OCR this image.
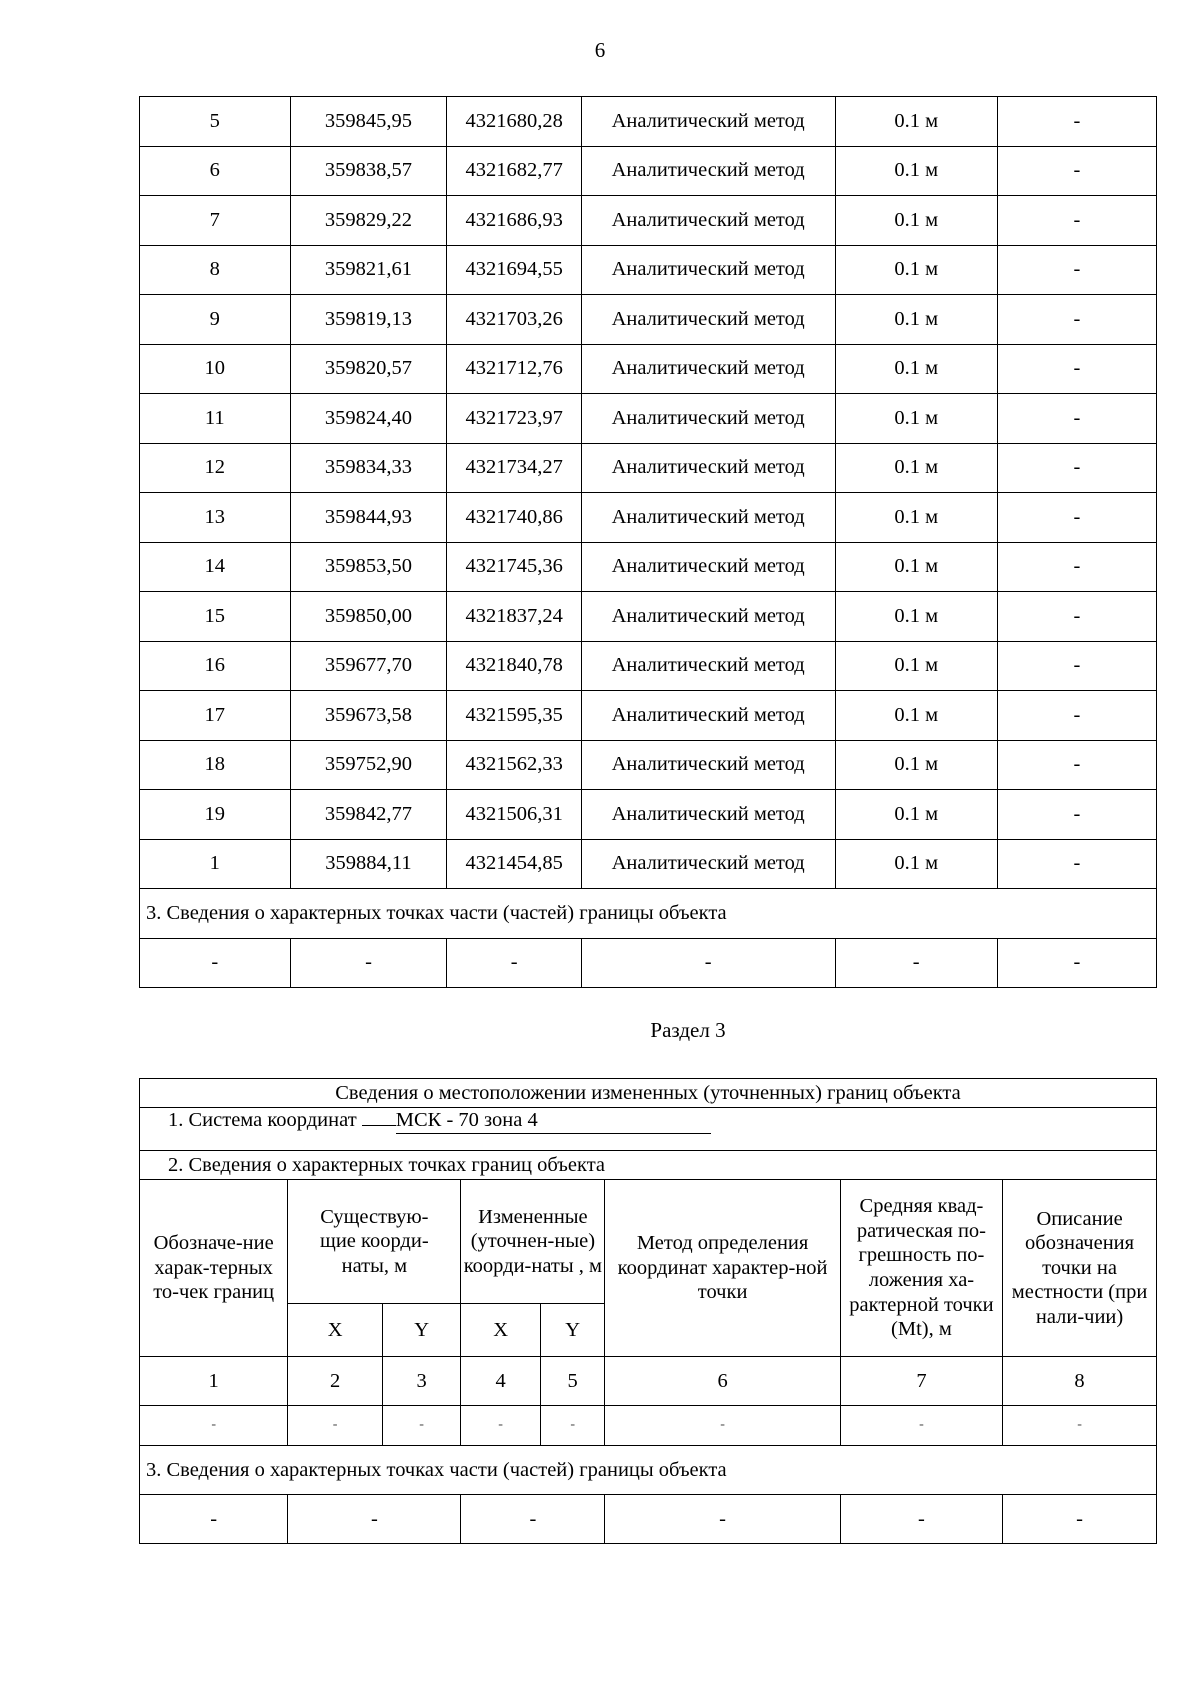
6
5	359845,95	4321680,28	Аналитический метод	0.1 м	-
6	359838,57	4321682,77	Аналитический метод	0.1 м	-
7	359829,22	4321686,93	Аналитический метод	0.1 м	-
8	359821,61	4321694,55	Аналитический метод	0.1 м	-
9	359819,13	4321703,26	Аналитический метод	0.1 м	-
10	359820,57	4321712,76	Аналитический метод	0.1 м	-
11	359824,40	4321723,97	Аналитический метод	0.1 м	-
12	359834,33	4321734,27	Аналитический метод	0.1 м	-
13	359844,93	4321740,86	Аналитический метод	0.1 м	-
14	359853,50	4321745,36	Аналитический метод	0.1 м	-
15	359850,00	4321837,24	Аналитический метод	0.1 м	-
16	359677,70	4321840,78	Аналитический метод	0.1 м	-
17	359673,58	4321595,35	Аналитический метод	0.1 м	-
18	359752,90	4321562,33	Аналитический метод	0.1 м	-
19	359842,77	4321506,31	Аналитический метод	0.1 м	-
1	359884,11	4321454,85	Аналитический метод	0.1 м	-
3. Сведения о характерных точках части (частей) границы объекта					
-	-	-	-	-	-
Раздел 3
Сведения о местоположении измененных (уточненных) границ объекта							
1. Система координат МСК - 70 зона 4							
2. Сведения о характерных точках границ объекта							
Обозначе-ние харак-терных то-чек границ	Существую-щие коорди-наты, м		Измененные (уточнен-ные) коорди-наты , м		Метод определения координат характер-ной точки	Средняя квад-ратическая по-грешность по-ложения ха-рактерной точки (Mt), м	Описание обозначения точки на местности (при нали-чии)
	X	Y	X	Y			
1	2	3	4	5	6	7	8
-	-	-	-	-	-	-	-
3. Сведения о характерных точках части (частей) границы объекта							
-	-		-		-	-	-
